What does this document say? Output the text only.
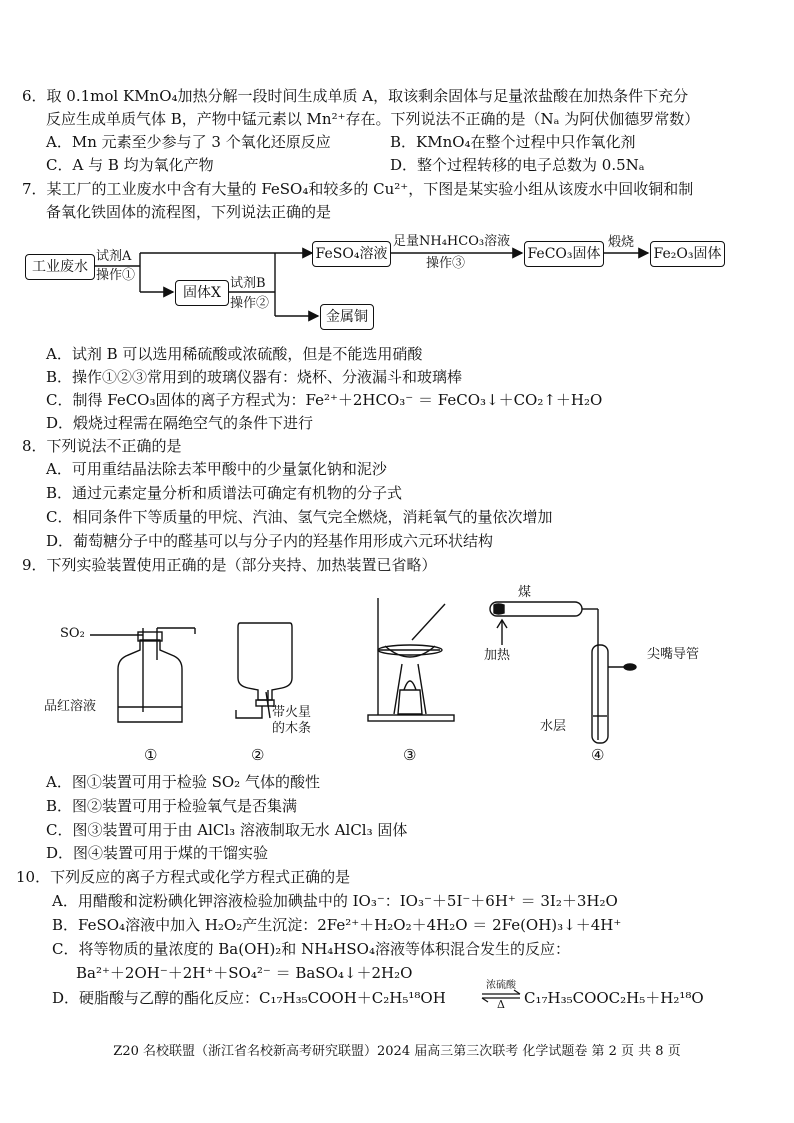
6．取 0.1mol KMnO₄加热分解一段时间生成单质 A，取该剩余固体与足量浓盐酸在加热条件下充分
反应生成单质气体 B，产物中锰元素以 Mn²⁺存在。下列说法不正确的是（Nₐ 为阿伏伽德罗常数）
A．Mn 元素至少参与了 3 个氧化还原反应	B．KMnO₄在整个过程中只作氧化剂
C．A 与 B 均为氧化产物	D．整个过程转移的电子总数为 0.5Nₐ
7．某工厂的工业废水中含有大量的 FeSO₄和较多的 Cu²⁺，下图是某实验小组从该废水中回收铜和制
备氧化铁固体的流程图，下列说法正确的是
工业废水
FeSO₄溶液	FeCO₃固体	Fe₂O₃固体
固体X
金属铜
试剂A
操作①
足量NH₄HCO₃溶液
操作③
煅烧
试剂B
操作②
A．试剂 B 可以选用稀硫酸或浓硫酸，但是不能选用硝酸
B．操作①②③常用到的玻璃仪器有：烧杯、分液漏斗和玻璃棒
C．制得 FeCO₃固体的离子方程式为：Fe²⁺＋2HCO₃⁻ ＝ FeCO₃↓＋CO₂↑＋H₂O
D．煅烧过程需在隔绝空气的条件下进行
8．下列说法不正确的是
A．可用重结晶法除去苯甲酸中的少量氯化钠和泥沙
B．通过元素定量分析和质谱法可确定有机物的分子式
C．相同条件下等质量的甲烷、汽油、氢气完全燃烧，消耗氧气的量依次增加
D．葡萄糖分子中的醛基可以与分子内的羟基作用形成六元环状结构
9．下列实验装置使用正确的是（部分夹持、加热装置已省略）
SO₂
品红溶液	带火星
的木条
煤
加热	尖嘴导管
水层
①	②	③	④
A．图①装置可用于检验 SO₂ 气体的酸性
B．图②装置可用于检验氧气是否集满
C．图③装置可用于由 AlCl₃ 溶液制取无水 AlCl₃ 固体
D．图④装置可用于煤的干馏实验
10．下列反应的离子方程式或化学方程式正确的是
A．用醋酸和淀粉碘化钾溶液检验加碘盐中的 IO₃⁻：IO₃⁻＋5I⁻＋6H⁺ ＝ 3I₂＋3H₂O
B．FeSO₄溶液中加入 H₂O₂产生沉淀：2Fe²⁺＋H₂O₂＋4H₂O ＝ 2Fe(OH)₃↓＋4H⁺
C．将等物质的量浓度的 Ba(OH)₂和 NH₄HSO₄溶液等体积混合发生的反应：
Ba²⁺＋2OH⁻＋2H⁺＋SO₄²⁻ ＝ BaSO₄↓＋2H₂O
D．硬脂酸与乙醇的酯化反应：C₁₇H₃₅COOH＋C₂H₅¹⁸OH
浓硫酸
Δ	C₁₇H₃₅COOC₂H₅＋H₂¹⁸O
Z20 名校联盟（浙江省名校新高考研究联盟）2024 届高三第三次联考 化学试题卷 第 2 页 共 8 页
